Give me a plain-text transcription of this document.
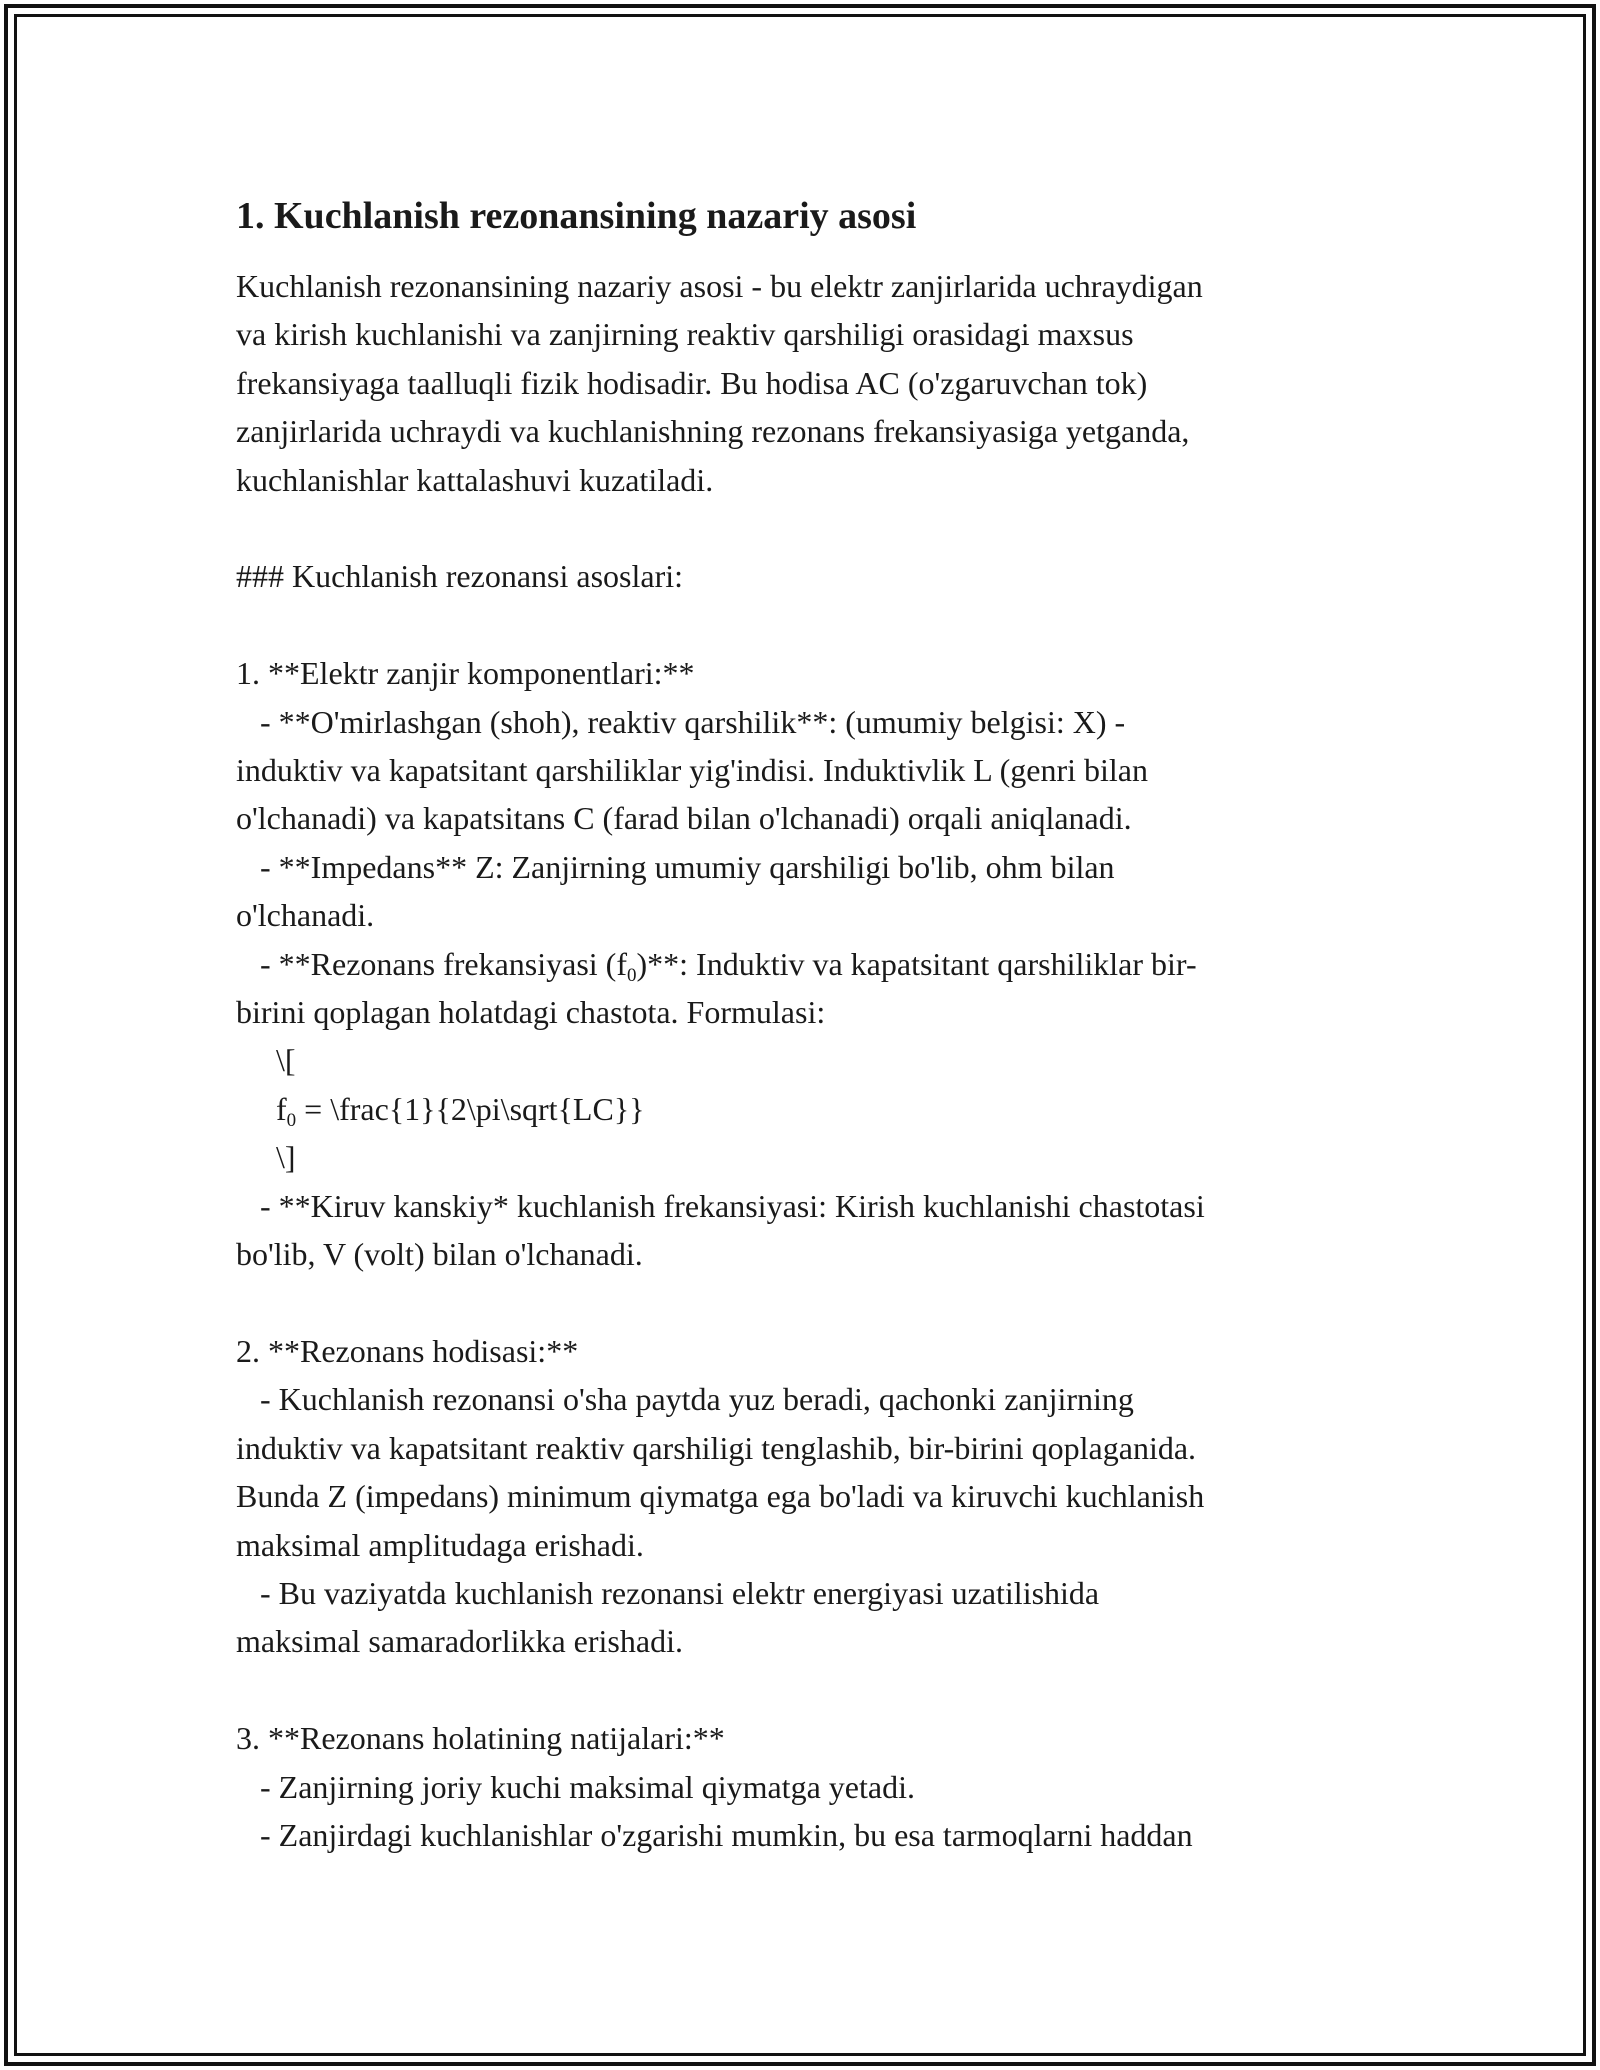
1. Kuchlanish rezonansining nazariy asosi
Kuchlanish rezonansining nazariy asosi - bu elektr zanjirlarida uchraydigan
va kirish kuchlanishi va zanjirning reaktiv qarshiligi orasidagi maxsus
frekansiyaga taalluqli fizik hodisadir. Bu hodisa AC (o'zgaruvchan tok)
zanjirlarida uchraydi va kuchlanishning rezonans frekansiyasiga yetganda,
kuchlanishlar kattalashuvi kuzatiladi.
### Kuchlanish rezonansi asoslari:
1. **Elektr zanjir komponentlari:**
- **O'mirlashgan (shoh), reaktiv qarshilik**: (umumiy belgisi: X) -
induktiv va kapatsitant qarshiliklar yig'indisi. Induktivlik L (genri bilan
o'lchanadi) va kapatsitans C (farad bilan o'lchanadi) orqali aniqlanadi.
- **Impedans** Z: Zanjirning umumiy qarshiligi bo'lib, ohm bilan
o'lchanadi.
- **Rezonans frekansiyasi $(f_0)**$: Induktiv va kapatsitant qarshiliklar bir-
birini qoplagan holatdagi chastota. Formulasi:
\[
$f_0$ = \frac{1}{2\pi\sqrt{LC}}
\]
- **Kiruv kanskiy* kuchlanish frekansiyasi: Kirish kuchlanishi chastotasi
bo'lib, V (volt) bilan o'lchanadi.
2. **Rezonans hodisasi:**
- Kuchlanish rezonansi o'sha paytda yuz beradi, qachonki zanjirning
induktiv va kapatsitant reaktiv qarshiligi tenglashib, bir-birini qoplaganida.
Bunda Z (impedans) minimum qiymatga ega bo'ladi va kiruvchi kuchlanish
maksimal amplitudaga erishadi.
- Bu vaziyatda kuchlanish rezonansi elektr energiyasi uzatilishida
maksimal samaradorlikka erishadi.
3. **Rezonans holatining natijalari:**
- Zanjirning joriy kuchi maksimal qiymatga yetadi.
- Zanjirdagi kuchlanishlar o'zgarishi mumkin, bu esa tarmoqlarni haddan
